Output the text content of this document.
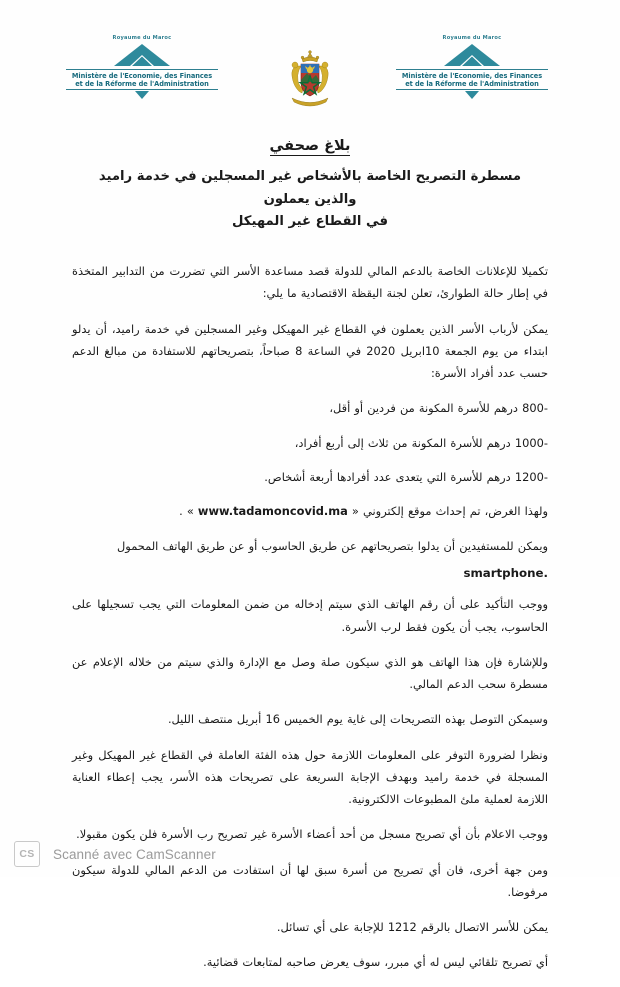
Royaume du Maroc
Ministère de l'Economie, des Finances
et de la Réforme de l'Administration
Royaume du Maroc
Ministère de l'Economie, des Finances
et de la Réforme de l'Administration
بلاغ صحفي
مسطرة التصريح الخاصة بالأشخاص غير المسجلين في خدمة راميد والذين يعملون
في القطاع غير المهيكل

تكميلا للإعلانات الخاصة بالدعم المالي للدولة قصد مساعدة الأسر التي تضررت من التدابير المتخذة في إطار حالة الطوارئ، تعلن لجنة اليقظة الاقتصادية ما يلي:

يمكن لأرباب الأسر الذين يعملون في القطاع غير المهيكل وغير المسجلين في خدمة راميد، أن يدلو ابتداء من يوم الجمعة 10ابريل 2020 في الساعة 8 صباحاً، بتصريحاتهم للاستفادة من مبالغ الدعم حسب عدد أفراد الأسرة:

-800 درهم للأسرة المكونة من فردين أو أقل،

-1000 درهم للأسرة المكونة من ثلاث إلى أربع أفراد،

-1200 درهم للأسرة التي يتعدى عدد أفرادها أربعة أشخاص.

ولهذا الغرض، تم إحداث موقع إلكتروني « www.tadamoncovid.ma » .

ويمكن للمستفيدين أن يدلوا بتصريحاتهم عن طريق الحاسوب أو عن طريق الهاتف المحمول

smartphone.

ووجب التأكيد على أن رقم الهاتف الذي سيتم إدخاله من ضمن المعلومات التي يجب تسجيلها على الحاسوب، يجب أن يكون فقط لرب الأسرة.

وللإشارة فإن هذا الهاتف هو الذي سيكون صلة وصل مع الإدارة والذي سيتم من خلاله الإعلام عن مسطرة سحب الدعم المالي.

وسيمكن التوصل بهذه التصريحات إلى غاية يوم الخميس 16 أبريل منتصف الليل.

ونظرا لضرورة التوفر على المعلومات اللازمة حول هذه الفئة العاملة في القطاع غير المهيكل وغير المسجلة في خدمة راميد وبهدف الإجابة السريعة على تصريحات هذه الأسر، يجب إعطاء العناية اللازمة لعملية ملئ المطبوعات الالكترونية.

ووجب الاعلام بأن أي تصريح مسجل من أحد أعضاء الأسرة غير تصريح رب الأسرة فلن يكون مقبولا.

ومن جهة أخرى، فان أي تصريح من أسرة سبق لها أن استفادت من الدعم المالي للدولة سيكون مرفوضا.

يمكن للأسر الاتصال بالرقم 1212 للإجابة على أي تسائل.

أي تصريح تلقائي ليس له أي مبرر، سوف يعرض صاحبه لمتابعات قضائية.

CS	Scanné avec CamScanner
